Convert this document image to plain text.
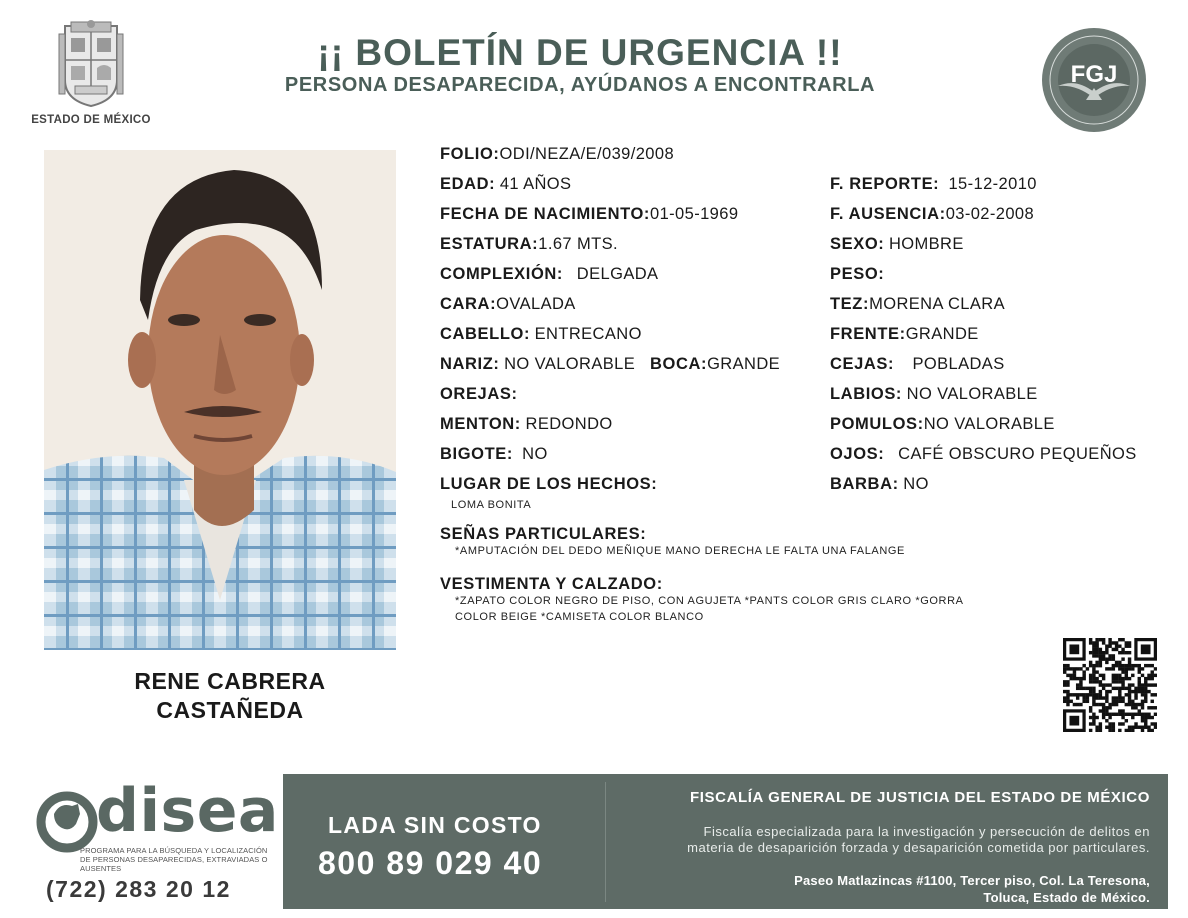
ESTADO DE MÉXICO
¡¡ BOLETÍN DE URGENCIA !!
PERSONA DESAPARECIDA, AYÚDANOS A ENCONTRARLA	FGJ
RENE CABRERA
CASTAÑEDA
FOLIO:ODI/NEZA/E/039/2008
EDAD: 41 AÑOS
FECHA DE NACIMIENTO:01-05-1969
ESTATURA:1.67 MTS.
COMPLEXIÓN: DELGADA
CARA:OVALADA
CABELLO: ENTRECANO
NARIZ: NO VALORABLE BOCA:GRANDE
OREJAS:
MENTON: REDONDO
BIGOTE: NO
LUGAR DE LOS HECHOS:
LOMA BONITA
F. REPORTE: 15-12-2010
F. AUSENCIA:03-02-2008
SEXO: HOMBRE
PESO:
TEZ:MORENA CLARA
FRENTE:GRANDE
CEJAS: POBLADAS
LABIOS: NO VALORABLE
POMULOS:NO VALORABLE
OJOS: CAFÉ OBSCURO PEQUEÑOS
BARBA: NO
SEÑAS PARTICULARES:
*AMPUTACIÓN DEL DEDO MEÑIQUE MANO DERECHA LE FALTA UNA FALANGE
VESTIMENTA Y CALZADO:
*ZAPATO COLOR NEGRO DE PISO, CON AGUJETA *PANTS COLOR GRIS CLARO *GORRA
COLOR BEIGE *CAMISETA COLOR BLANCO
disea
PROGRAMA PARA LA BÚSQUEDA Y LOCALIZACIÓN
DE PERSONAS DESAPARECIDAS, EXTRAVIADAS O
AUSENTES
(722) 283 20 12
LADA SIN COSTO
800 89 029 40
FISCALÍA GENERAL DE JUSTICIA DEL ESTADO DE MÉXICO
Fiscalía especializada para la investigación y persecución de delitos en
materia de desaparición forzada y desaparición cometida por particulares.
Paseo Matlazincas #1100, Tercer piso, Col. La Teresona,
Toluca, Estado de México.
